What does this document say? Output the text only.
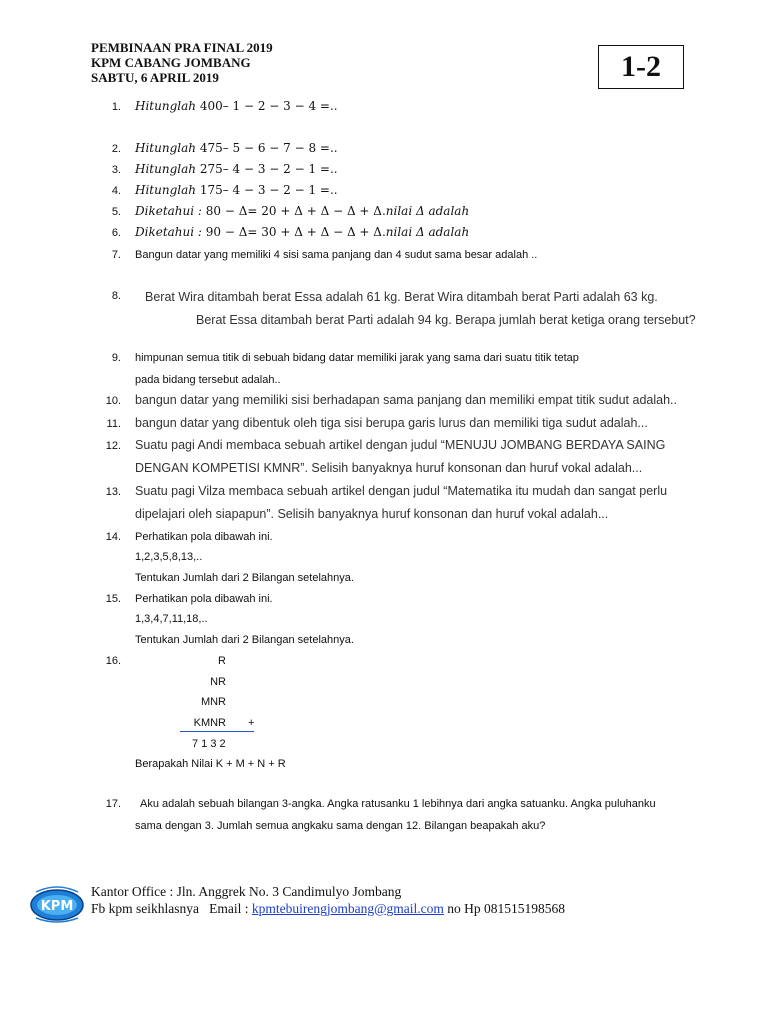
PEMBINAAN PRA FINAL 2019
KPM CABANG JOMBANG
SABTU, 6 APRIL 2019	1-2
1. Hitunglah 400– 1 − 2 − 3 − 4 =..
2. Hitunglah 475– 5 − 6 − 7 − 8 =..
3. Hitunglah 275– 4 − 3 − 2 − 1 =..
4. Hitunglah 175– 4 − 3 − 2 − 1 =..
5. Diketahui : 80 − Δ= 20 + Δ + Δ − Δ + Δ.nilai Δ adalah
6. Diketahui : 90 − Δ= 30 + Δ + Δ − Δ + Δ.nilai Δ adalah
7. Bangun datar yang memiliki 4 sisi sama panjang dan 4 sudut sama besar adalah ..
8. Berat Wira ditambah berat Essa adalah 61 kg. Berat Wira ditambah berat Parti adalah 63 kg.
Berat Essa ditambah berat Parti adalah 94 kg. Berapa jumlah berat ketiga orang tersebut?
9. himpunan semua titik di sebuah bidang datar memiliki jarak yang sama dari suatu titik tetap
pada bidang tersebut adalah..
10. bangun datar yang memiliki sisi berhadapan sama panjang dan memiliki empat titik sudut adalah..
11. bangun datar yang dibentuk oleh tiga sisi berupa garis lurus dan memiliki tiga sudut adalah...
12. Suatu pagi Andi membaca sebuah artikel dengan judul “MENUJU JOMBANG BERDAYA SAING
DENGAN KOMPETISI KMNR”. Selisih banyaknya huruf konsonan dan huruf vokal adalah...
13. Suatu pagi Vilza membaca sebuah artikel dengan judul “Matematika itu mudah dan sangat perlu
dipelajari oleh siapapun”. Selisih banyaknya huruf konsonan dan huruf vokal adalah...
14. Perhatikan pola dibawah ini.
1,2,3,5,8,13,..
Tentukan Jumlah dari 2 Bilangan setelahnya.
15. Perhatikan pola dibawah ini.
1,3,4,7,11,18,..
Tentukan Jumlah dari 2 Bilangan setelahnya.
16.	R
NR
MNR
KMNR +
7 1 3 2
Berapakah Nilai K + M + N + R
17. Aku adalah sebuah bilangan 3-angka. Angka ratusanku 1 lebihnya dari angka satuanku. Angka puluhanku
sama dengan 3. Jumlah semua angkaku sama dengan 12. Bilangan beapakah aku?
KPM
Kantor Office : Jln. Anggrek No. 3 Candimulyo Jombang
Fb kpm seikhlasnya   Email : kpmtebuirengjombang@gmail.com no Hp 081515198568
